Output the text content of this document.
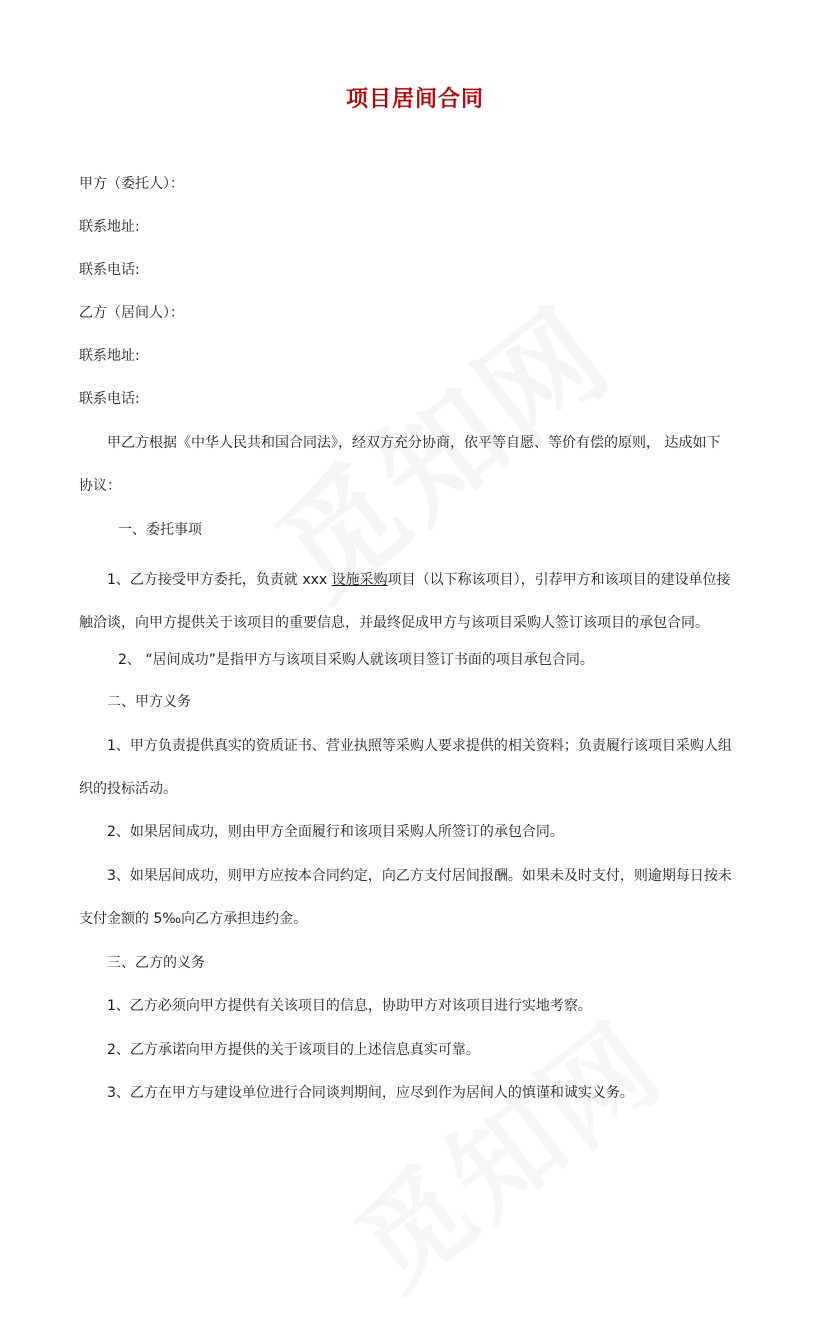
项目居间合同
甲方（委托人）：
联系地址:
联系电话:
乙方（居间人）：
联系地址:
联系电话:
甲乙方根据《中华人民共和国合同法》，经双方充分协商，依平等自愿、等价有偿的原则， 达成如下
协议：
一、委托事项
1、乙方接受甲方委托，负责就 xxx 设施采购项目（以下称该项目），引荐甲方和该项目的建设单位接
触洽谈，向甲方提供关于该项目的重要信息，并最终促成甲方与该项目采购人签订该项目的承包合同。
2、 “居间成功”是指甲方与该项目采购人就该项目签订书面的项目承包合同。
二、甲方义务
1、甲方负责提供真实的资质证书、营业执照等采购人要求提供的相关资料；负责履行该项目采购人组
织的投标活动。
2、如果居间成功，则由甲方全面履行和该项目采购人所签订的承包合同。
3、如果居间成功，则甲方应按本合同约定，向乙方支付居间报酬。如果未及时支付，则逾期每日按未
支付金额的 5‰向乙方承担违约金。
三、乙方的义务
1、乙方必须向甲方提供有关该项目的信息，协助甲方对该项目进行实地考察。
2、乙方承诺向甲方提供的关于该项目的上述信息真实可靠。
3、乙方在甲方与建设单位进行合同谈判期间，应尽到作为居间人的慎谨和诚实义务。
